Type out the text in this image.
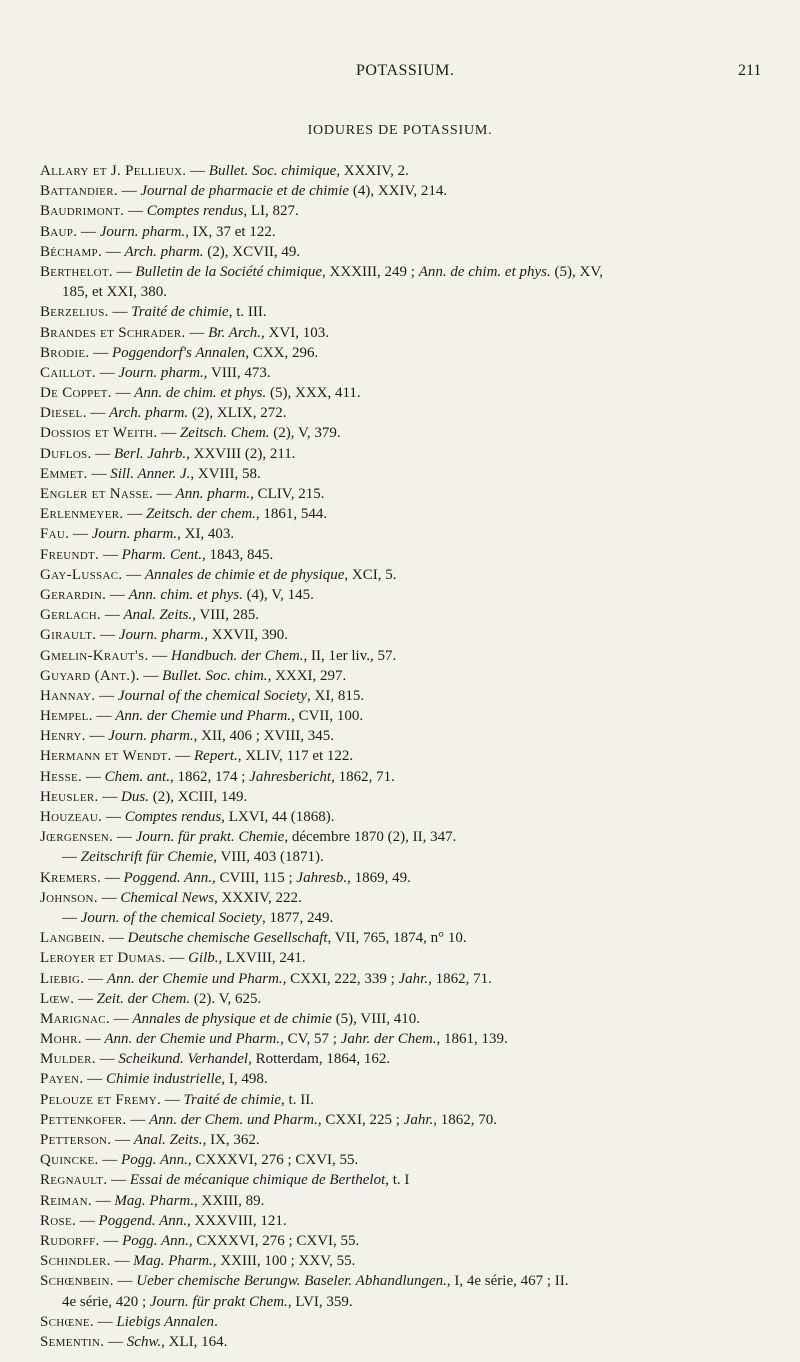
POTASSIUM.	211
IODURES DE POTASSIUM.
Allary et J. Pellieux. — Bullet. Soc. chimique, XXXIV, 2.
Battandier. — Journal de pharmacie et de chimie (4), XXIV, 214.
Baudrimont. — Comptes rendus, LI, 827.
Baup. — Journ. pharm., IX, 37 et 122.
Béchamp. — Arch. pharm. (2), XCVII, 49.
Berthelot. — Bulletin de la Société chimique, XXXIII, 249 ; Ann. de chim. et phys. (5), XV,
185, et XXI, 380.
Berzelius. — Traité de chimie, t. III.
Brandes et Schrader. — Br. Arch., XVI, 103.
Brodie. — Poggendorf's Annalen, CXX, 296.
Caillot. — Journ. pharm., VIII, 473.
De Coppet. — Ann. de chim. et phys. (5), XXX, 411.
Diesel. — Arch. pharm. (2), XLIX, 272.
Dossios et Weith. — Zeitsch. Chem. (2), V, 379.
Duflos. — Berl. Jahrb., XXVIII (2), 211.
Emmet. — Sill. Anner. J., XVIII, 58.
Engler et Nasse. — Ann. pharm., CLIV, 215.
Erlenmeyer. — Zeitsch. der chem., 1861, 544.
Fau. — Journ. pharm., XI, 403.
Freundt. — Pharm. Cent., 1843, 845.
Gay-Lussac. — Annales de chimie et de physique, XCI, 5.
Gerardin. — Ann. chim. et phys. (4), V, 145.
Gerlach. — Anal. Zeits., VIII, 285.
Girault. — Journ. pharm., XXVII, 390.
Gmelin-Kraut's. — Handbuch. der Chem., II, 1er liv., 57.
Guyard (Ant.). — Bullet. Soc. chim., XXXI, 297.
Hannay. — Journal of the chemical Society, XI, 815.
Hempel. — Ann. der Chemie und Pharm., CVII, 100.
Henry. — Journ. pharm., XII, 406 ; XVIII, 345.
Hermann et Wendt. — Repert., XLIV, 117 et 122.
Hesse. — Chem. ant., 1862, 174 ; Jahresbericht, 1862, 71.
Heusler. — Dus. (2), XCIII, 149.
Houzeau. — Comptes rendus, LXVI, 44 (1868).
Jœrgensen. — Journ. für prakt. Chemie, décembre 1870 (2), II, 347.
— Zeitschrift für Chemie, VIII, 403 (1871).
Kremers. — Poggend. Ann., CVIII, 115 ; Jahresb., 1869, 49.
Johnson. — Chemical News, XXXIV, 222.
— Journ. of the chemical Society, 1877, 249.
Langbein. — Deutsche chemische Gesellschaft, VII, 765, 1874, n° 10.
Leroyer et Dumas. — Gilb., LXVIII, 241.
Liebig. — Ann. der Chemie und Pharm., CXXI, 222, 339 ; Jahr., 1862, 71.
Lœw. — Zeit. der Chem. (2). V, 625.
Marignac. — Annales de physique et de chimie (5), VIII, 410.
Mohr. — Ann. der Chemie und Pharm., CV, 57 ; Jahr. der Chem., 1861, 139.
Mulder. — Scheikund. Verhandel, Rotterdam, 1864, 162.
Payen. — Chimie industrielle, I, 498.
Pelouze et Fremy. — Traité de chimie, t. II.
Pettenkofer. — Ann. der Chem. und Pharm., CXXI, 225 ; Jahr., 1862, 70.
Petterson. — Anal. Zeits., IX, 362.
Quincke. — Pogg. Ann., CXXXVI, 276 ; CXVI, 55.
Regnault. — Essai de mécanique chimique de Berthelot, t. I
Reiman. — Mag. Pharm., XXIII, 89.
Rose. — Poggend. Ann., XXXVIII, 121.
Rudorff. — Pogg. Ann., CXXXVI, 276 ; CXVI, 55.
Schindler. — Mag. Pharm., XXIII, 100 ; XXV, 55.
Schœnbein. — Ueber chemische Berungw. Baseler. Abhandlungen., I, 4e série, 467 ; II.
4e série, 420 ; Journ. für prakt Chem., LVI, 359.
Schœne. — Liebigs Annalen.
Sementin. — Schw., XLI, 164.
